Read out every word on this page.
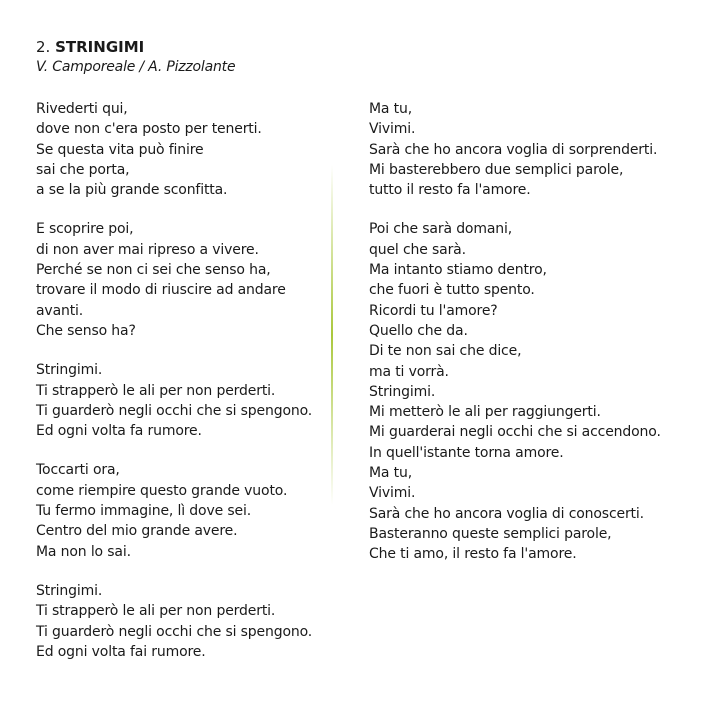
2. STRINGIMI
V. Camporeale / A. Pizzolante
Rivederti qui,
dove non c'era posto per tenerti.
Se questa vita può finire
sai che porta,
a se la più grande sconfitta.
E scoprire poi,
di non aver mai ripreso a vivere.
Perché se non ci sei che senso ha,
trovare il modo di riuscire ad andare
avanti.
Che senso ha?
Stringimi.
Ti strapperò le ali per non perderti.
Ti guarderò negli occhi che si spengono.
Ed ogni volta fa rumore.
Toccarti ora,
come riempire questo grande vuoto.
Tu fermo immagine, lì dove sei.
Centro del mio grande avere.
Ma non lo sai.
Stringimi.
Ti strapperò le ali per non perderti.
Ti guarderò negli occhi che si spengono.
Ed ogni volta fai rumore.
Ma tu,
Vivimi.
Sarà che ho ancora voglia di sorprenderti.
Mi basterebbero due semplici parole,
tutto il resto fa l'amore.
Poi che sarà domani,
quel che sarà.
Ma intanto stiamo dentro,
che fuori è tutto spento.
Ricordi tu l'amore?
Quello che da.
Di te non sai che dice,
ma ti vorrà.
Stringimi.
Mi metterò le ali per raggiungerti.
Mi guarderai negli occhi che si accendono.
In quell'istante torna amore.
Ma tu,
Vivimi.
Sarà che ho ancora voglia di conoscerti.
Basteranno queste semplici parole,
Che ti amo, il resto fa l'amore.
